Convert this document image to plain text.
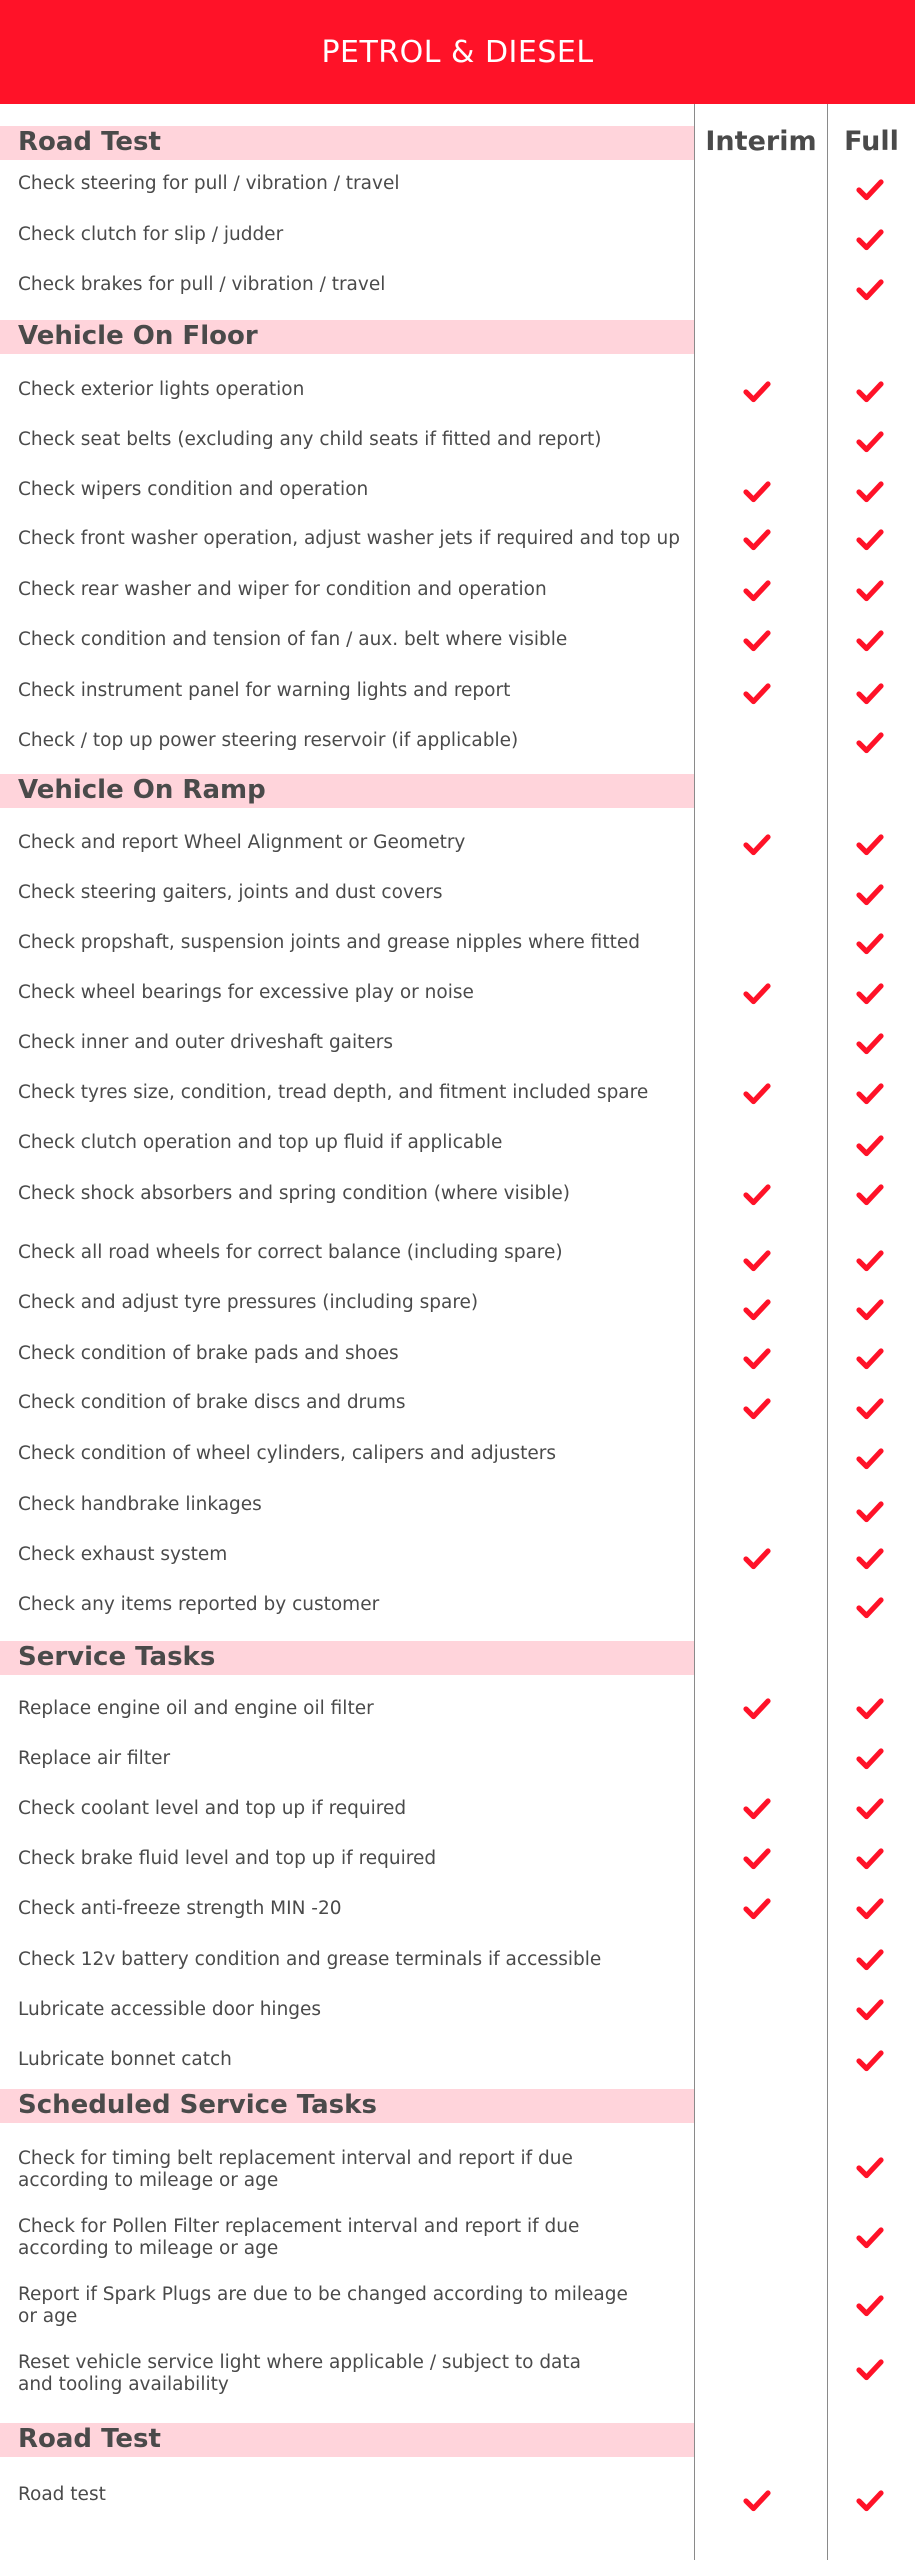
PETROL & DIESEL
Interim	Full
Road Test
Check steering for pull / vibration / travel
Check clutch for slip / judder
Check brakes for pull / vibration / travel
Vehicle On Floor
Check exterior lights operation
Check seat belts (excluding any child seats if fitted and report)
Check wipers condition and operation
Check front washer operation, adjust washer jets if required and top up
Check rear washer and wiper for condition and operation
Check condition and tension of fan / aux. belt where visible
Check instrument panel for warning lights and report
Check / top up power steering reservoir (if applicable)
Vehicle On Ramp
Check and report Wheel Alignment or Geometry
Check steering gaiters, joints and dust covers
Check propshaft, suspension joints and grease nipples where fitted
Check wheel bearings for excessive play or noise
Check inner and outer driveshaft gaiters
Check tyres size, condition, tread depth, and fitment included spare
Check clutch operation and top up fluid if applicable
Check shock absorbers and spring condition (where visible)
Check all road wheels for correct balance (including spare)
Check and adjust tyre pressures (including spare)
Check condition of brake pads and shoes
Check condition of brake discs and drums
Check condition of wheel cylinders, calipers and adjusters
Check handbrake linkages
Check exhaust system
Check any items reported by customer
Service Tasks
Replace engine oil and engine oil filter
Replace air filter
Check coolant level and top up if required
Check brake fluid level and top up if required
Check anti-freeze strength MIN -20
Check 12v battery condition and grease terminals if accessible
Lubricate accessible door hinges
Lubricate bonnet catch
Scheduled Service Tasks
Check for timing belt replacement interval and report if due
according to mileage or age
Check for Pollen Filter replacement interval and report if due
according to mileage or age
Report if Spark Plugs are due to be changed according to mileage
or age
Reset vehicle service light where applicable / subject to data
and tooling availability
Road Test
Road test
